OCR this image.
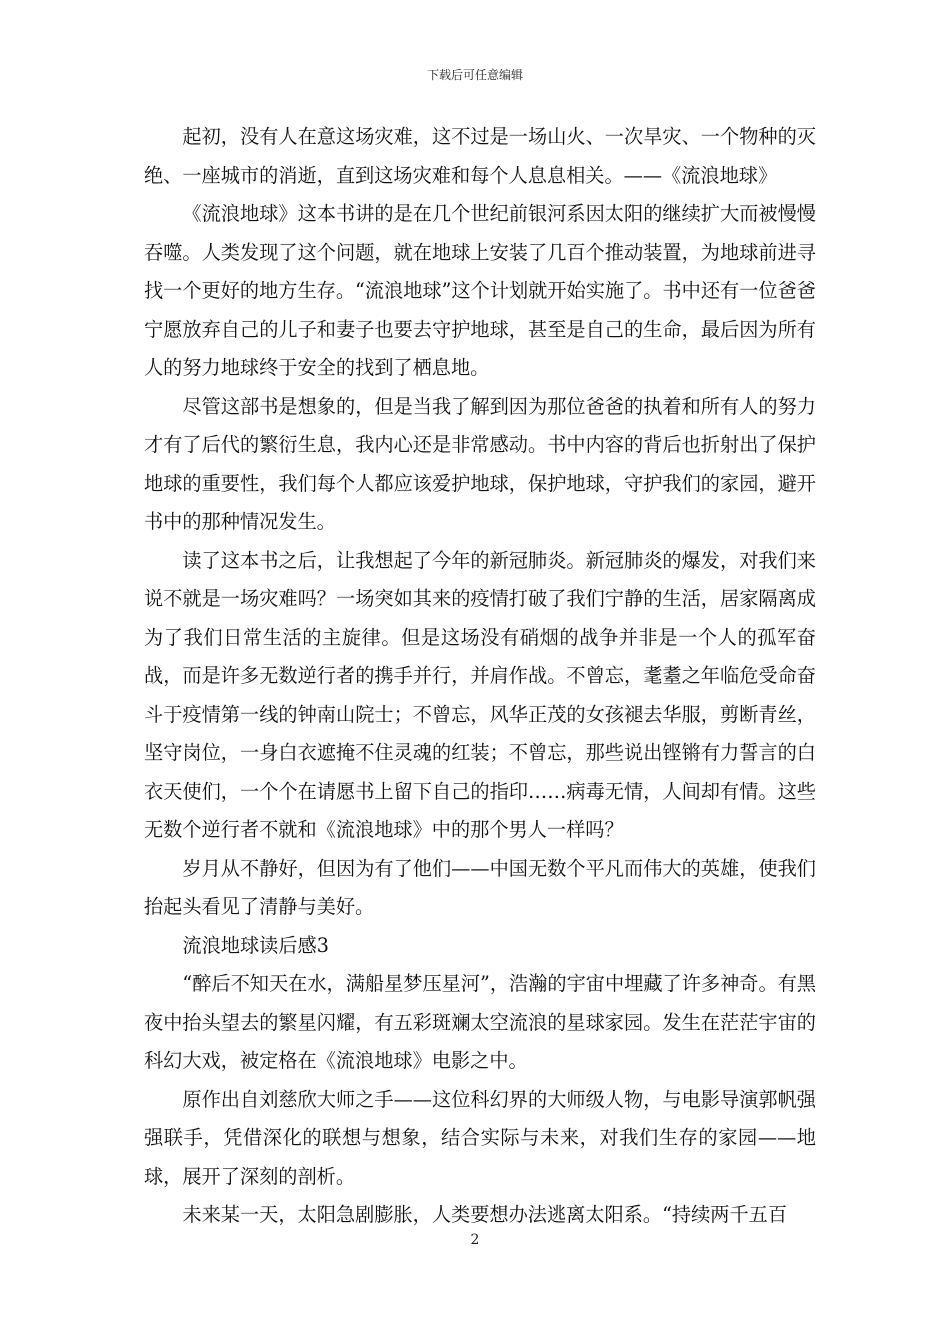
下载后可任意编辑

起初，没有人在意这场灾难，这不过是一场山火、一次旱灾、一个物种的灭绝、一座城市的消逝，直到这场灾难和每个人息息相关。——《流浪地球》

《流浪地球》这本书讲的是在几个世纪前银河系因太阳的继续扩大而被慢慢吞噬。人类发现了这个问题，就在地球上安装了几百个推动装置，为地球前进寻找一个更好的地方生存。“流浪地球”这个计划就开始实施了。书中还有一位爸爸宁愿放弃自己的儿子和妻子也要去守护地球，甚至是自己的生命，最后因为所有人的努力地球终于安全的找到了栖息地。

尽管这部书是想象的，但是当我了解到因为那位爸爸的执着和所有人的努力才有了后代的繁衍生息，我内心还是非常感动。书中内容的背后也折射出了保护地球的重要性，我们每个人都应该爱护地球，保护地球，守护我们的家园，避开书中的那种情况发生。

读了这本书之后，让我想起了今年的新冠肺炎。新冠肺炎的爆发，对我们来说不就是一场灾难吗？一场突如其来的疫情打破了我们宁静的生活，居家隔离成为了我们日常生活的主旋律。但是这场没有硝烟的战争并非是一个人的孤军奋战，而是许多无数逆行者的携手并行，并肩作战。不曾忘，耄耋之年临危受命奋斗于疫情第一线的钟南山院士；不曾忘，风华正茂的女孩褪去华服，剪断青丝，坚守岗位，一身白衣遮掩不住灵魂的红装；不曾忘，那些说出铿锵有力誓言的白衣天使们，一个个在请愿书上留下自己的指印……病毒无情，人间却有情。这些无数个逆行者不就和《流浪地球》中的那个男人一样吗？

岁月从不静好，但因为有了他们——中国无数个平凡而伟大的英雄，使我们抬起头看见了清静与美好。

流浪地球读后感3

“醉后不知天在水，满船星梦压星河”，浩瀚的宇宙中埋藏了许多神奇。有黑夜中抬头望去的繁星闪耀，有五彩斑斓太空流浪的星球家园。发生在茫茫宇宙的科幻大戏，被定格在《流浪地球》电影之中。

原作出自刘慈欣大师之手——这位科幻界的大师级人物，与电影导演郭帆强强联手，凭借深化的联想与想象，结合实际与未来，对我们生存的家园——地球，展开了深刻的剖析。

未来某一天，太阳急剧膨胀，人类要想办法逃离太阳系。“持续两千五百

2
